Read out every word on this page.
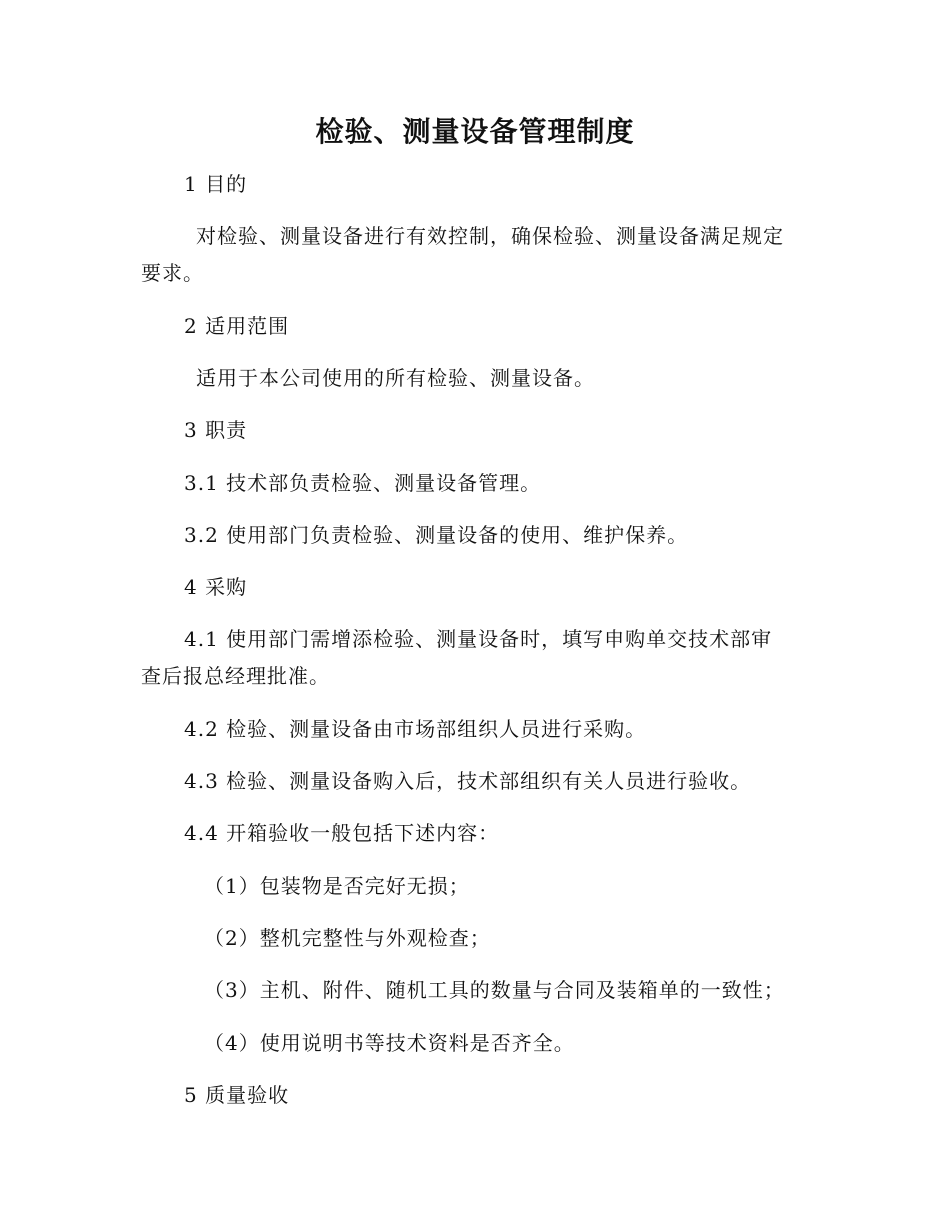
检验、测量设备管理制度
1 目的
对检验、测量设备进行有效控制，确保检验、测量设备满足规定
要求。
2 适用范围
适用于本公司使用的所有检验、测量设备。
3 职责
3.1 技术部负责检验、测量设备管理。
3.2 使用部门负责检验、测量设备的使用、维护保养。
4 采购
4.1 使用部门需增添检验、测量设备时，填写申购单交技术部审
查后报总经理批准。
4.2 检验、测量设备由市场部组织人员进行采购。
4.3 检验、测量设备购入后，技术部组织有关人员进行验收。
4.4 开箱验收一般包括下述内容：
（1）包装物是否完好无损；
（2）整机完整性与外观检查；
（3）主机、附件、随机工具的数量与合同及装箱单的一致性；
（4）使用说明书等技术资料是否齐全。
5 质量验收
